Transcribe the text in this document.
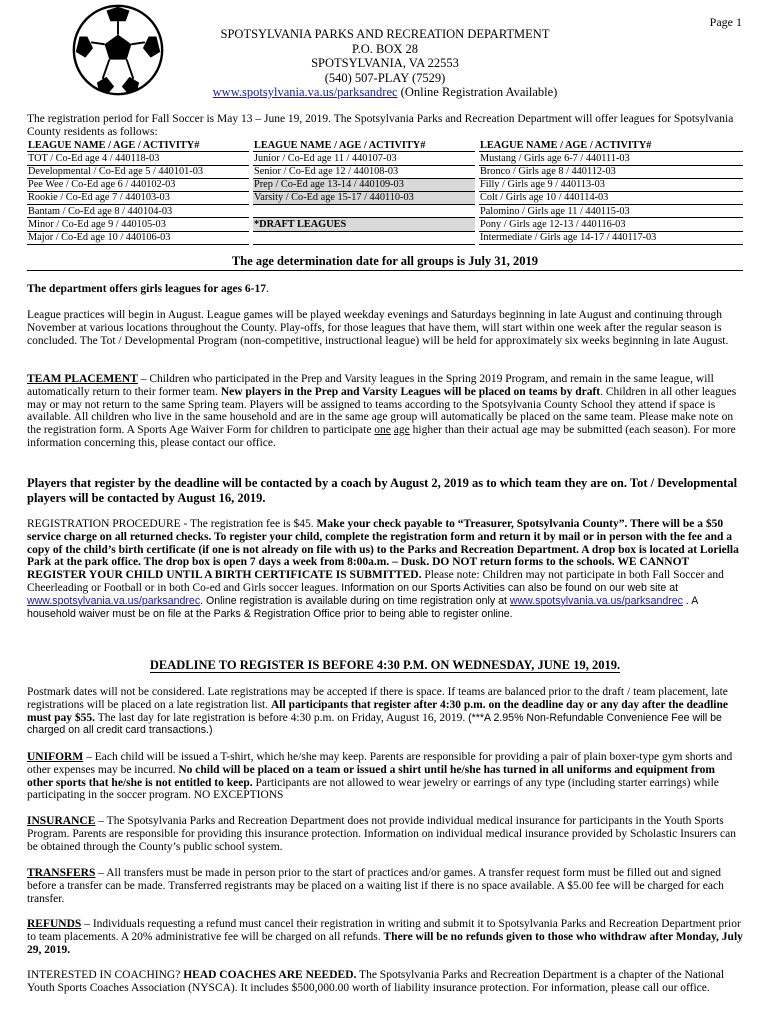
Page 1
SPOTSYLVANIA PARKS AND RECREATION DEPARTMENT
P.O. BOX 28
SPOTSYLVANIA, VA 22553
(540) 507-PLAY (7529)
www.spotsylvania.va.us/parksandrec (Online Registration Available)
The registration period for Fall Soccer is May 13 – June 19, 2019. The Spotsylvania Parks and Recreation Department will offer leagues for Spotsylvania County residents as follows:
LEAGUE NAME / AGE / ACTIVITY#		LEAGUE NAME / AGE / ACTIVITY#		LEAGUE NAME / AGE / ACTIVITY#
TOT / Co-Ed age 4 / 440118-03		Junior / Co-Ed age 11 / 440107-03		Mustang / Girls age 6-7 / 440111-03
Developmental / Co-Ed age 5 / 440101-03		Senior / Co-Ed age 12 / 440108-03		Bronco / Girls age 8 / 440112-03
Pee Wee / Co-Ed age 6 / 440102-03		Prep / Co-Ed age 13-14 / 440109-03		Filly / Girls age 9 / 440113-03
Rookie / Co-Ed age 7 / 440103-03		Varsity / Co-Ed age 15-17 / 440110-03		Colt / Girls age 10 / 440114-03
Bantam / Co-Ed age 8 / 440104-03				Palomino / Girls age 11 / 440115-03
Minor / Co-Ed age 9 / 440105-03		*DRAFT LEAGUES		Pony / Girls age 12-13 / 440116-03
Major / Co-Ed age 10 / 440106-03				Intermediate / Girls age 14-17 / 440117-03
The age determination date for all groups is July 31, 2019
The department offers girls leagues for ages 6-17.
League practices will begin in August. League games will be played weekday evenings and Saturdays beginning in late August and continuing through November at various locations throughout the County. Play-offs, for those leagues that have them, will start within one week after the regular season is concluded. The Tot / Developmental Program (non-competitive, instructional league) will be held for approximately six weeks beginning in late August.
TEAM PLACEMENT – Children who participated in the Prep and Varsity leagues in the Spring 2019 Program, and remain in the same league, will automatically return to their former team. New players in the Prep and Varsity Leagues will be placed on teams by draft. Children in all other leagues may or may not return to the same Spring team. Players will be assigned to teams according to the Spotsylvania County School they attend if space is available. All children who live in the same household and are in the same age group will automatically be placed on the same team. Please make note on the registration form. A Sports Age Waiver Form for children to participate one age higher than their actual age may be submitted (each season). For more information concerning this, please contact our office.
Players that register by the deadline will be contacted by a coach by August 2, 2019 as to which team they are on. Tot / Developmental players will be contacted by August 16, 2019.
REGISTRATION PROCEDURE - The registration fee is $45. Make your check payable to “Treasurer, Spotsylvania County”. There will be a $50 service charge on all returned checks. To register your child, complete the registration form and return it by mail or in person with the fee and a copy of the child’s birth certificate (if one is not already on file with us) to the Parks and Recreation Department. A drop box is located at Loriella Park at the park office. The drop box is open 7 days a week from 8:00a.m. – Dusk. DO NOT return forms to the schools. WE CANNOT REGISTER YOUR CHILD UNTIL A BIRTH CERTIFICATE IS SUBMITTED. Please note: Children may not participate in both Fall Soccer and Cheerleading or Football or in both Co-ed and Girls soccer leagues. Information on our Sports Activities can also be found on our web site at www.spotsylvania.va.us/parksandrec. Online registration is available during on time registration only at www.spotsylvania.va.us/parksandrec . A household waiver must be on file at the Parks & Registration Office prior to being able to register online.
DEADLINE TO REGISTER IS BEFORE 4:30 P.M. ON WEDNESDAY, JUNE 19, 2019.
Postmark dates will not be considered. Late registrations may be accepted if there is space. If teams are balanced prior to the draft / team placement, late registrations will be placed on a late registration list. All participants that register after 4:30 p.m. on the deadline day or any day after the deadline must pay $55. The last day for late registration is before 4:30 p.m. on Friday, August 16, 2019. (***A 2.95% Non-Refundable Convenience Fee will be charged on all credit card transactions.)
UNIFORM – Each child will be issued a T-shirt, which he/she may keep. Parents are responsible for providing a pair of plain boxer-type gym shorts and other expenses may be incurred. No child will be placed on a team or issued a shirt until he/she has turned in all uniforms and equipment from other sports that he/she is not entitled to keep. Participants are not allowed to wear jewelry or earrings of any type (including starter earrings) while participating in the soccer program. NO EXCEPTIONS
INSURANCE – The Spotsylvania Parks and Recreation Department does not provide individual medical insurance for participants in the Youth Sports Program. Parents are responsible for providing this insurance protection. Information on individual medical insurance provided by Scholastic Insurers can be obtained through the County’s public school system.
TRANSFERS – All transfers must be made in person prior to the start of practices and/or games. A transfer request form must be filled out and signed before a transfer can be made. Transferred registrants may be placed on a waiting list if there is no space available. A $5.00 fee will be charged for each transfer.
REFUNDS – Individuals requesting a refund must cancel their registration in writing and submit it to Spotsylvania Parks and Recreation Department prior to team placements. A 20% administrative fee will be charged on all refunds. There will be no refunds given to those who withdraw after Monday, July 29, 2019.
INTERESTED IN COACHING? HEAD COACHES ARE NEEDED. The Spotsylvania Parks and Recreation Department is a chapter of the National Youth Sports Coaches Association (NYSCA). It includes $500,000.00 worth of liability insurance protection. For information, please call our office.
